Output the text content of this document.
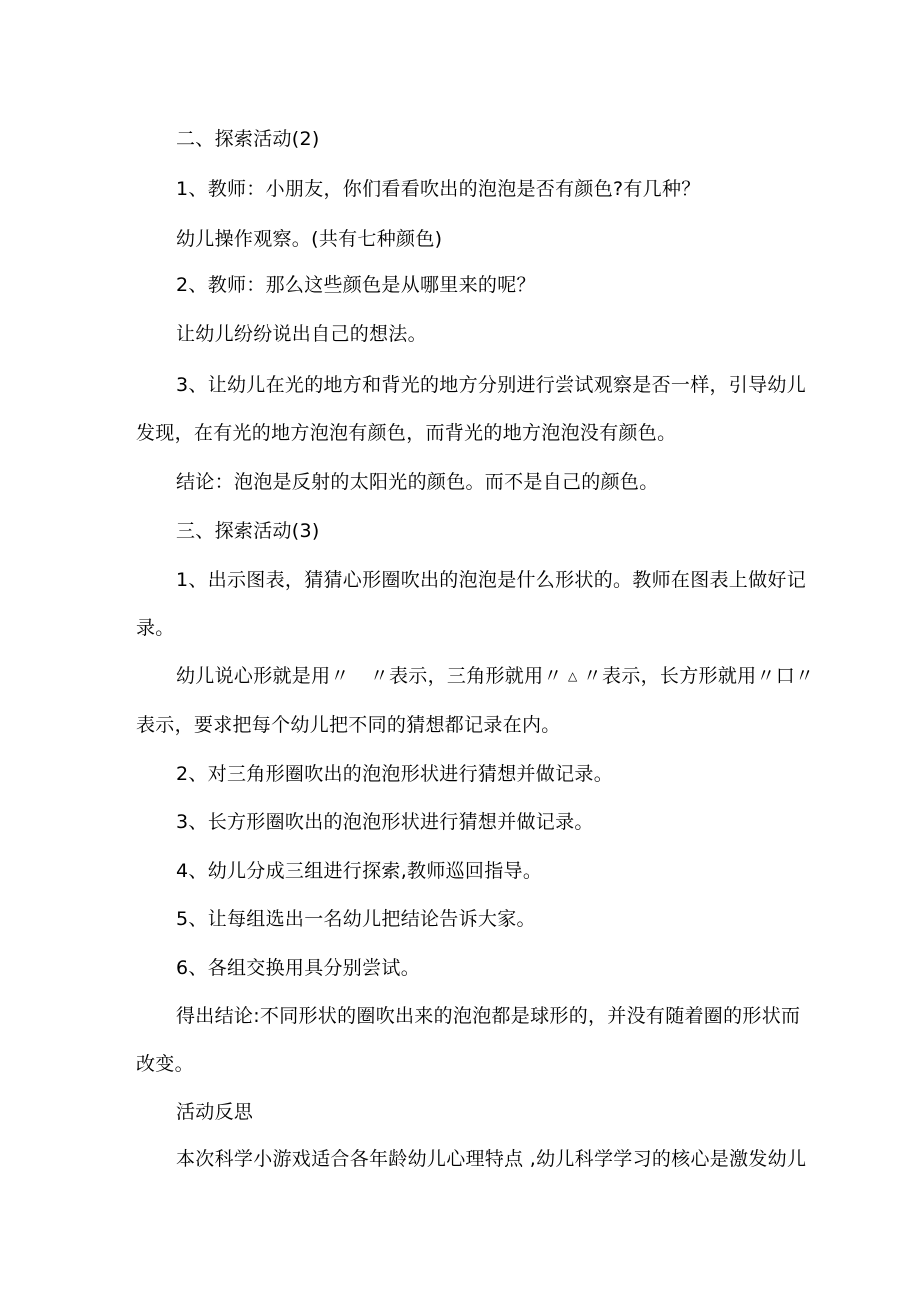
二、探索活动(2)
1、教师：小朋友，你们看看吹出的泡泡是否有颜色?有几种？
幼儿操作观察。(共有七种颜色)
2、教师：那么这些颜色是从哪里来的呢？
让幼儿纷纷说出自己的想法。
3、让幼儿在光的地方和背光的地方分别进行尝试观察是否一样，引导幼儿
发现，在有光的地方泡泡有颜色，而背光的地方泡泡没有颜色。
结论：泡泡是反射的太阳光的颜色。而不是自己的颜色。
三、探索活动(3)
1、出示图表，猜猜心形圈吹出的泡泡是什么形状的。教师在图表上做好记
录。
幼儿说心形就是用〃 〃表示，三角形就用〃 △ 〃表示，长方形就用〃口〃
表示，要求把每个幼儿把不同的猜想都记录在内。
2、对三角形圈吹出的泡泡形状进行猜想并做记录。
3、长方形圈吹出的泡泡形状进行猜想并做记录。
4、幼儿分成三组进行探索,教师巡回指导。
5、让每组选出一名幼儿把结论告诉大家。
6、各组交换用具分别尝试。
得出结论:不同形状的圈吹出来的泡泡都是球形的，并没有随着圈的形状而
改变。
活动反思
本次科学小游戏适合各年龄幼儿心理特点 ,幼儿科学学习的核心是激发幼儿
